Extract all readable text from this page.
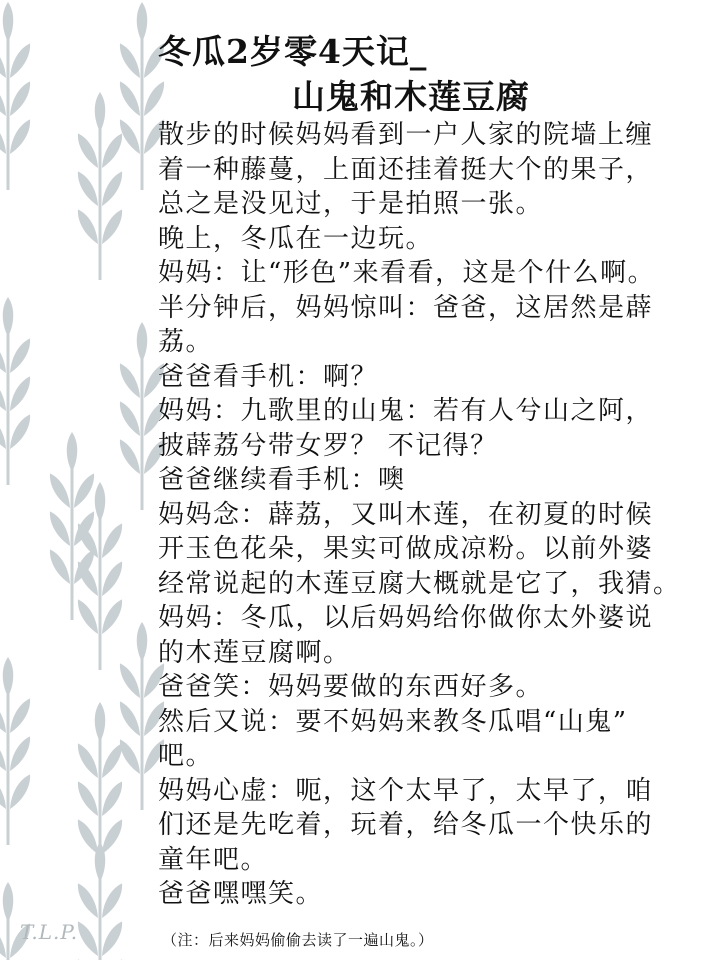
冬瓜2岁零4天记_
山鬼和木莲豆腐
散步的时候妈妈看到一户人家的院墙上缠
着一种藤蔓，上面还挂着挺大个的果子，
总之是没见过，于是拍照一张。
晚上，冬瓜在一边玩。
妈妈：让“形色”来看看，这是个什么啊。
半分钟后，妈妈惊叫：爸爸，这居然是薜
荔。
爸爸看手机：啊？
妈妈：九歌里的山鬼：若有人兮山之阿，
披薜荔兮带女罗？ 不记得？
爸爸继续看手机：噢
妈妈念：薜荔，又叫木莲，在初夏的时候
开玉色花朵，果实可做成凉粉。以前外婆
经常说起的木莲豆腐大概就是它了，我猜。
妈妈：冬瓜，以后妈妈给你做你太外婆说
的木莲豆腐啊。
爸爸笑：妈妈要做的东西好多。
然后又说：要不妈妈来教冬瓜唱“山鬼”
吧。
妈妈心虚：呃，这个太早了，太早了，咱
们还是先吃着，玩着，给冬瓜一个快乐的
童年吧。
爸爸嘿嘿笑。
（注：后来妈妈偷偷去读了一遍山鬼。）
T.L.P.
